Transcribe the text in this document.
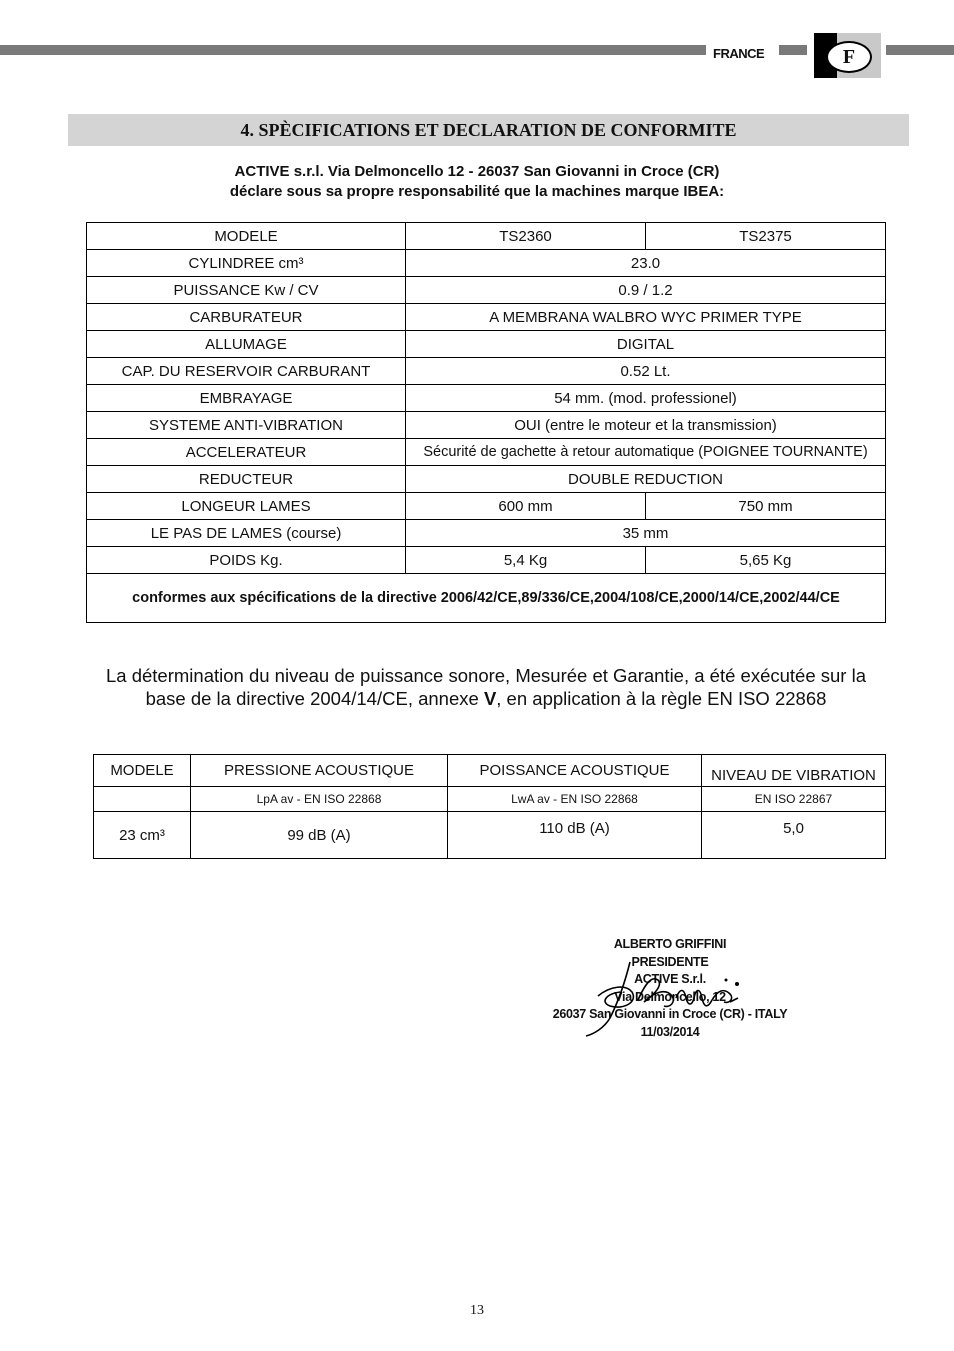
FRANCE	F
4. SPÈCIFICATIONS ET DECLARATION DE CONFORMITE
ACTIVE s.r.l. Via Delmoncello 12 - 26037 San Giovanni in Croce (CR)
déclare sous sa propre responsabilité que la machines marque IBEA:
MODELE	TS2360	TS2375
CYLINDREE cm³	23.0	
PUISSANCE Kw / CV	0.9 / 1.2	
CARBURATEUR	A MEMBRANA WALBRO WYC PRIMER TYPE	
ALLUMAGE	DIGITAL	
CAP. DU RESERVOIR CARBURANT	0.52 Lt.	
EMBRAYAGE	54 mm. (mod. professionel)	
SYSTEME ANTI-VIBRATION	OUI (entre le moteur et la transmission)	
ACCELERATEUR	Sécurité de gachette à retour automatique (POIGNEE TOURNANTE)	
REDUCTEUR	DOUBLE REDUCTION	
LONGEUR LAMES	600 mm	750 mm
LE PAS DE LAMES (course)	35 mm	
POIDS Kg.	5,4 Kg	5,65 Kg
conformes aux spécifications de la directive 2006/42/CE,89/336/CE,2004/108/CE,2000/14/CE,2002/44/CE		
La détermination du niveau de puissance sonore, Mesurée et Garantie, a été exécutée sur la
base de la directive 2004/14/CE, annexe V, en application à la règle EN ISO 22868
MODELE	PRESSIONE ACOUSTIQUE	POISSANCE ACOUSTIQUE	NIVEAU DE VIBRATION
	LpA av - EN ISO 22868	LwA av - EN ISO 22868	EN ISO 22867
23 cm³	99 dB (A)	110 dB (A)	5,0
ALBERTO GRIFFINI
PRESIDENTE
ACTIVE S.r.l.
Via Delmoncello, 12
26037 San Giovanni in Croce (CR) - ITALY
11/03/2014
13
